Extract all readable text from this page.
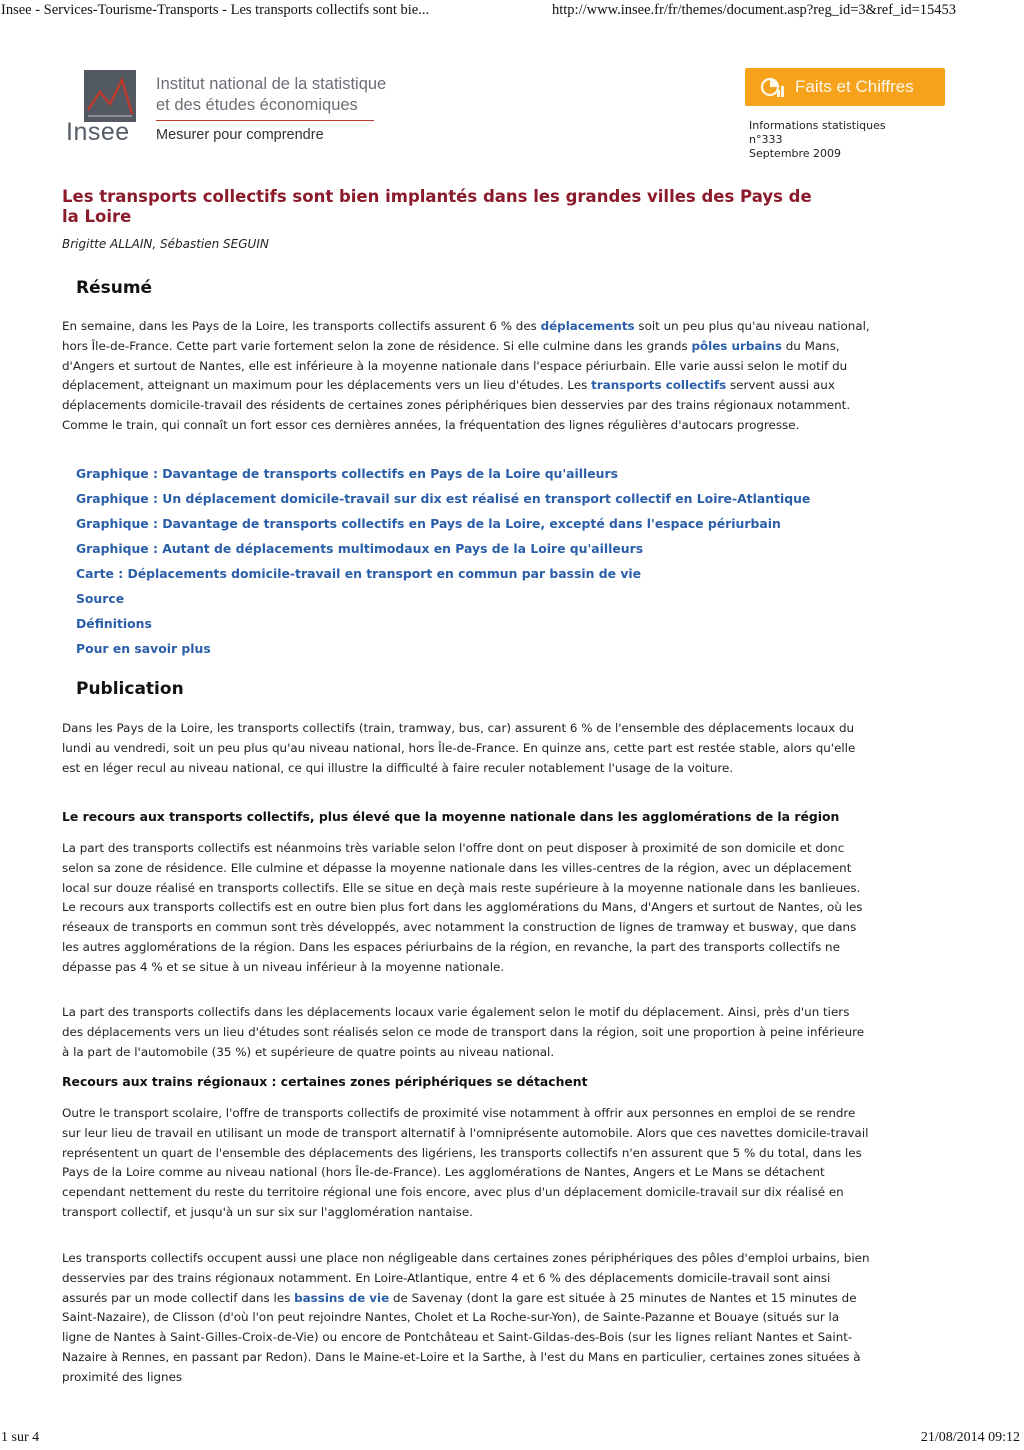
Insee - Services-Tourisme-Transports - Les transports collectifs sont bie...	http://www.insee.fr/fr/themes/document.asp?reg_id=3&ref_id=15453
Insee
Institut national de la statistique
et des études économiques
Mesurer pour comprendre
Faits et Chiffres
Informations statistiques
n°333
Septembre 2009
Les transports collectifs sont bien implantés dans les grandes villes des Pays de la Loire
Brigitte ALLAIN, Sébastien SEGUIN
Résumé

En semaine, dans les Pays de la Loire, les transports collectifs assurent 6 % des déplacements soit un peu plus qu'au niveau national, hors Île-de-France. Cette part varie fortement selon la zone de résidence. Si elle culmine dans les grands pôles urbains du Mans, d'Angers et surtout de Nantes, elle est inférieure à la moyenne nationale dans l'espace périurbain. Elle varie aussi selon le motif du déplacement, atteignant un maximum pour les déplacements vers un lieu d'études. Les transports collectifs servent aussi aux déplacements domicile-travail des résidents de certaines zones périphériques bien desservies par des trains régionaux notamment. Comme le train, qui connaît un fort essor ces dernières années, la fréquentation des lignes régulières d'autocars progresse.

Graphique : Davantage de transports collectifs en Pays de la Loire qu'ailleurs
Graphique : Un déplacement domicile-travail sur dix est réalisé en transport collectif en Loire-Atlantique
Graphique : Davantage de transports collectifs en Pays de la Loire, excepté dans l'espace périurbain
Graphique : Autant de déplacements multimodaux en Pays de la Loire qu'ailleurs
Carte : Déplacements domicile-travail en transport en commun par bassin de vie
Source
Définitions
Pour en savoir plus
Publication

Dans les Pays de la Loire, les transports collectifs (train, tramway, bus, car) assurent 6 % de l'ensemble des déplacements locaux du lundi au vendredi, soit un peu plus qu'au niveau national, hors Île-de-France. En quinze ans, cette part est restée stable, alors qu'elle est en léger recul au niveau national, ce qui illustre la difficulté à faire reculer notablement l'usage de la voiture.

Le recours aux transports collectifs, plus élevé que la moyenne nationale dans les agglomérations de la région

La part des transports collectifs est néanmoins très variable selon l'offre dont on peut disposer à proximité de son domicile et donc selon sa zone de résidence. Elle culmine et dépasse la moyenne nationale dans les villes-centres de la région, avec un déplacement local sur douze réalisé en transports collectifs. Elle se situe en deçà mais reste supérieure à la moyenne nationale dans les banlieues. Le recours aux transports collectifs est en outre bien plus fort dans les agglomérations du Mans, d'Angers et surtout de Nantes, où les réseaux de transports en commun sont très développés, avec notamment la construction de lignes de tramway et busway, que dans les autres agglomérations de la région. Dans les espaces périurbains de la région, en revanche, la part des transports collectifs ne dépasse pas 4 % et se situe à un niveau inférieur à la moyenne nationale.

La part des transports collectifs dans les déplacements locaux varie également selon le motif du déplacement. Ainsi, près d'un tiers des déplacements vers un lieu d'études sont réalisés selon ce mode de transport dans la région, soit une proportion à peine inférieure à la part de l'automobile (35 %) et supérieure de quatre points au niveau national.

Recours aux trains régionaux : certaines zones périphériques se détachent

Outre le transport scolaire, l'offre de transports collectifs de proximité vise notamment à offrir aux personnes en emploi de se rendre sur leur lieu de travail en utilisant un mode de transport alternatif à l'omniprésente automobile. Alors que ces navettes domicile-travail représentent un quart de l'ensemble des déplacements des ligériens, les transports collectifs n'en assurent que 5 % du total, dans les Pays de la Loire comme au niveau national (hors Île-de-France). Les agglomérations de Nantes, Angers et Le Mans se détachent cependant nettement du reste du territoire régional une fois encore, avec plus d'un déplacement domicile-travail sur dix réalisé en transport collectif, et jusqu'à un sur six sur l'agglomération nantaise.

Les transports collectifs occupent aussi une place non négligeable dans certaines zones périphériques des pôles d'emploi urbains, bien desservies par des trains régionaux notamment. En Loire-Atlantique, entre 4 et 6 % des déplacements domicile-travail sont ainsi assurés par un mode collectif dans les bassins de vie de Savenay (dont la gare est située à 25 minutes de Nantes et 15 minutes de Saint-Nazaire), de Clisson (d'où l'on peut rejoindre Nantes, Cholet et La Roche-sur-Yon), de Sainte-Pazanne et Bouaye (situés sur la ligne de Nantes à Saint-Gilles-Croix-de-Vie) ou encore de Pontchâteau et Saint-Gildas-des-Bois (sur les lignes reliant Nantes et Saint-Nazaire à Rennes, en passant par Redon). Dans le Maine-et-Loire et la Sarthe, à l'est du Mans en particulier, certaines zones situées à proximité des lignes

1 sur 4	21/08/2014 09:12
